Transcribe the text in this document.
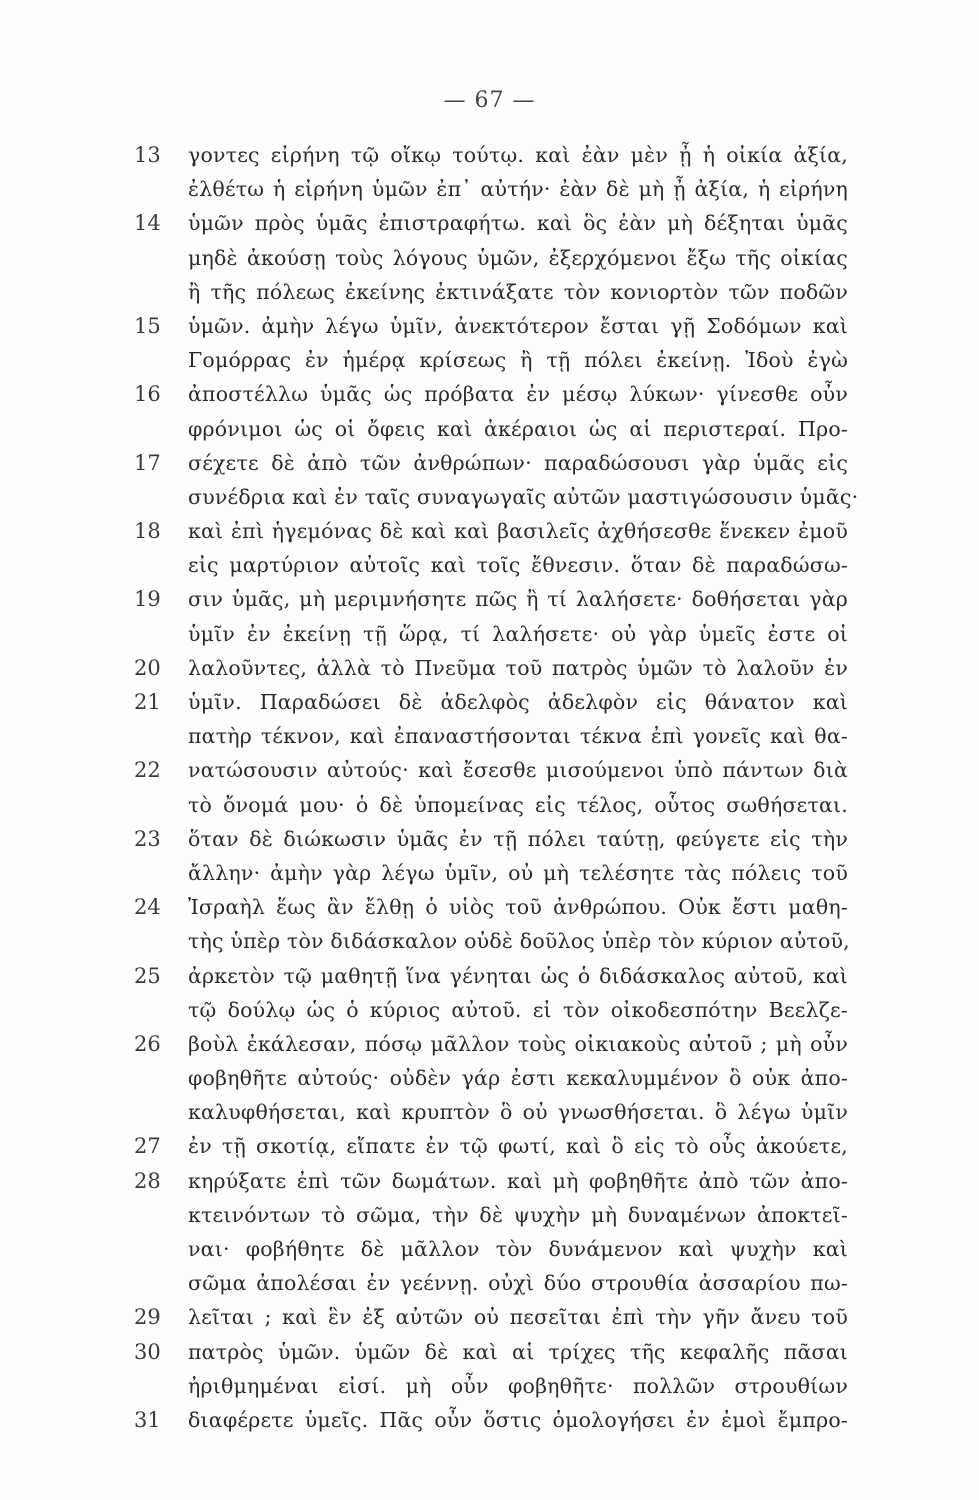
— 67 —
13	γοντες εἰρήνη τῷ οἴκῳ τούτῳ. καὶ ἐὰν μὲν ᾖ ἡ οἰκία ἀξία,
ἐλθέτω ἡ εἰρήνη ὑμῶν ἐπ᾽ αὐτήν· ἐὰν δὲ μὴ ᾖ ἀξία, ἡ εἰρήνη
14	ὑμῶν πρὸς ὑμᾶς ἐπιστραφήτω. καὶ ὃς ἐὰν μὴ δέξηται ὑμᾶς
μηδὲ ἀκούσῃ τοὺς λόγους ὑμῶν, ἐξερχόμενοι ἔξω τῆς οἰκίας
ἢ τῆς πόλεως ἐκείνης ἐκτινάξατε τὸν κονιορτὸν τῶν ποδῶν
15	ὑμῶν. ἀμὴν λέγω ὑμῖν, ἀνεκτότερον ἔσται γῇ Σοδόμων καὶ
Γομόρρας ἐν ἡμέρᾳ κρίσεως ἢ τῇ πόλει ἐκείνῃ. Ἰδοὺ ἐγὼ
16	ἀποστέλλω ὑμᾶς ὡς πρόβατα ἐν μέσῳ λύκων· γίνεσθε οὖν
φρόνιμοι ὡς οἱ ὄφεις καὶ ἀκέραιοι ὡς αἱ περιστεραί. Προ-
17	σέχετε δὲ ἀπὸ τῶν ἀνθρώπων· παραδώσουσι γὰρ ὑμᾶς εἰς
συνέδρια καὶ ἐν ταῖς συναγωγαῖς αὐτῶν μαστιγώσουσιν ὑμᾶς·
18	καὶ ἐπὶ ἡγεμόνας δὲ καὶ καὶ βασιλεῖς ἀχθήσεσθε ἕνεκεν ἐμοῦ
εἰς μαρτύριον αὐτοῖς καὶ τοῖς ἔθνεσιν. ὅταν δὲ παραδώσω-
19	σιν ὑμᾶς, μὴ μεριμνήσητε πῶς ἢ τί λαλήσετε· δοθήσεται γὰρ
ὑμῖν ἐν ἐκείνῃ τῇ ὥρᾳ, τί λαλήσετε· οὐ γὰρ ὑμεῖς ἐστε οἱ
20	λαλοῦντες, ἀλλὰ τὸ Πνεῦμα τοῦ πατρὸς ὑμῶν τὸ λαλοῦν ἐν
21	ὑμῖν. Παραδώσει δὲ ἀδελφὸς ἀδελφὸν εἰς θάνατον καὶ
πατὴρ τέκνον, καὶ ἐπαναστήσονται τέκνα ἐπὶ γονεῖς καὶ θα-
22	νατώσουσιν αὐτούς· καὶ ἔσεσθε μισούμενοι ὑπὸ πάντων διὰ
τὸ ὄνομά μου· ὁ δὲ ὑπομείνας εἰς τέλος, οὗτος σωθήσεται.
23	ὅταν δὲ διώκωσιν ὑμᾶς ἐν τῇ πόλει ταύτῃ, φεύγετε εἰς τὴν
ἄλλην· ἀμὴν γὰρ λέγω ὑμῖν, οὐ μὴ τελέσητε τὰς πόλεις τοῦ
24	Ἰσραὴλ ἕως ἂν ἔλθῃ ὁ υἱὸς τοῦ ἀνθρώπου. Οὐκ ἔστι μαθη-
τὴς ὑπὲρ τὸν διδάσκαλον οὐδὲ δοῦλος ὑπὲρ τὸν κύριον αὐτοῦ,
25	ἀρκετὸν τῷ μαθητῇ ἵνα γένηται ὡς ὁ διδάσκαλος αὐτοῦ, καὶ
τῷ δούλῳ ὡς ὁ κύριος αὐτοῦ. εἰ τὸν οἰκοδεσπότην Βεελζε-
26	βοὺλ ἐκάλεσαν, πόσῳ μᾶλλον τοὺς οἰκιακοὺς αὐτοῦ ; μὴ οὖν
φοβηθῆτε αὐτούς· οὐδὲν γάρ ἐστι κεκαλυμμένον ὃ οὐκ ἀπο-
καλυφθήσεται, καὶ κρυπτὸν ὃ οὐ γνωσθήσεται. ὃ λέγω ὑμῖν
27	ἐν τῇ σκοτίᾳ, εἴπατε ἐν τῷ φωτί, καὶ ὃ εἰς τὸ οὖς ἀκούετε,
28	κηρύξατε ἐπὶ τῶν δωμάτων. καὶ μὴ φοβηθῆτε ἀπὸ τῶν ἀπο-
κτεινόντων τὸ σῶμα, τὴν δὲ ψυχὴν μὴ δυναμένων ἀποκτεῖ-
ναι· φοβήθητε δὲ μᾶλλον τὸν δυνάμενον καὶ ψυχὴν καὶ
σῶμα ἀπολέσαι ἐν γεέννῃ. οὐχὶ δύο στρουθία ἀσσαρίου πω-
29	λεῖται ; καὶ ἓν ἐξ αὐτῶν οὐ πεσεῖται ἐπὶ τὴν γῆν ἄνευ τοῦ
30	πατρὸς ὑμῶν. ὑμῶν δὲ καὶ αἱ τρίχες τῆς κεφαλῆς πᾶσαι
ἠριθμημέναι εἰσί. μὴ οὖν φοβηθῆτε· πολλῶν στρουθίων
31	διαφέρετε ὑμεῖς. Πᾶς οὖν ὅστις ὁμολογήσει ἐν ἐμοὶ ἔμπρο-
